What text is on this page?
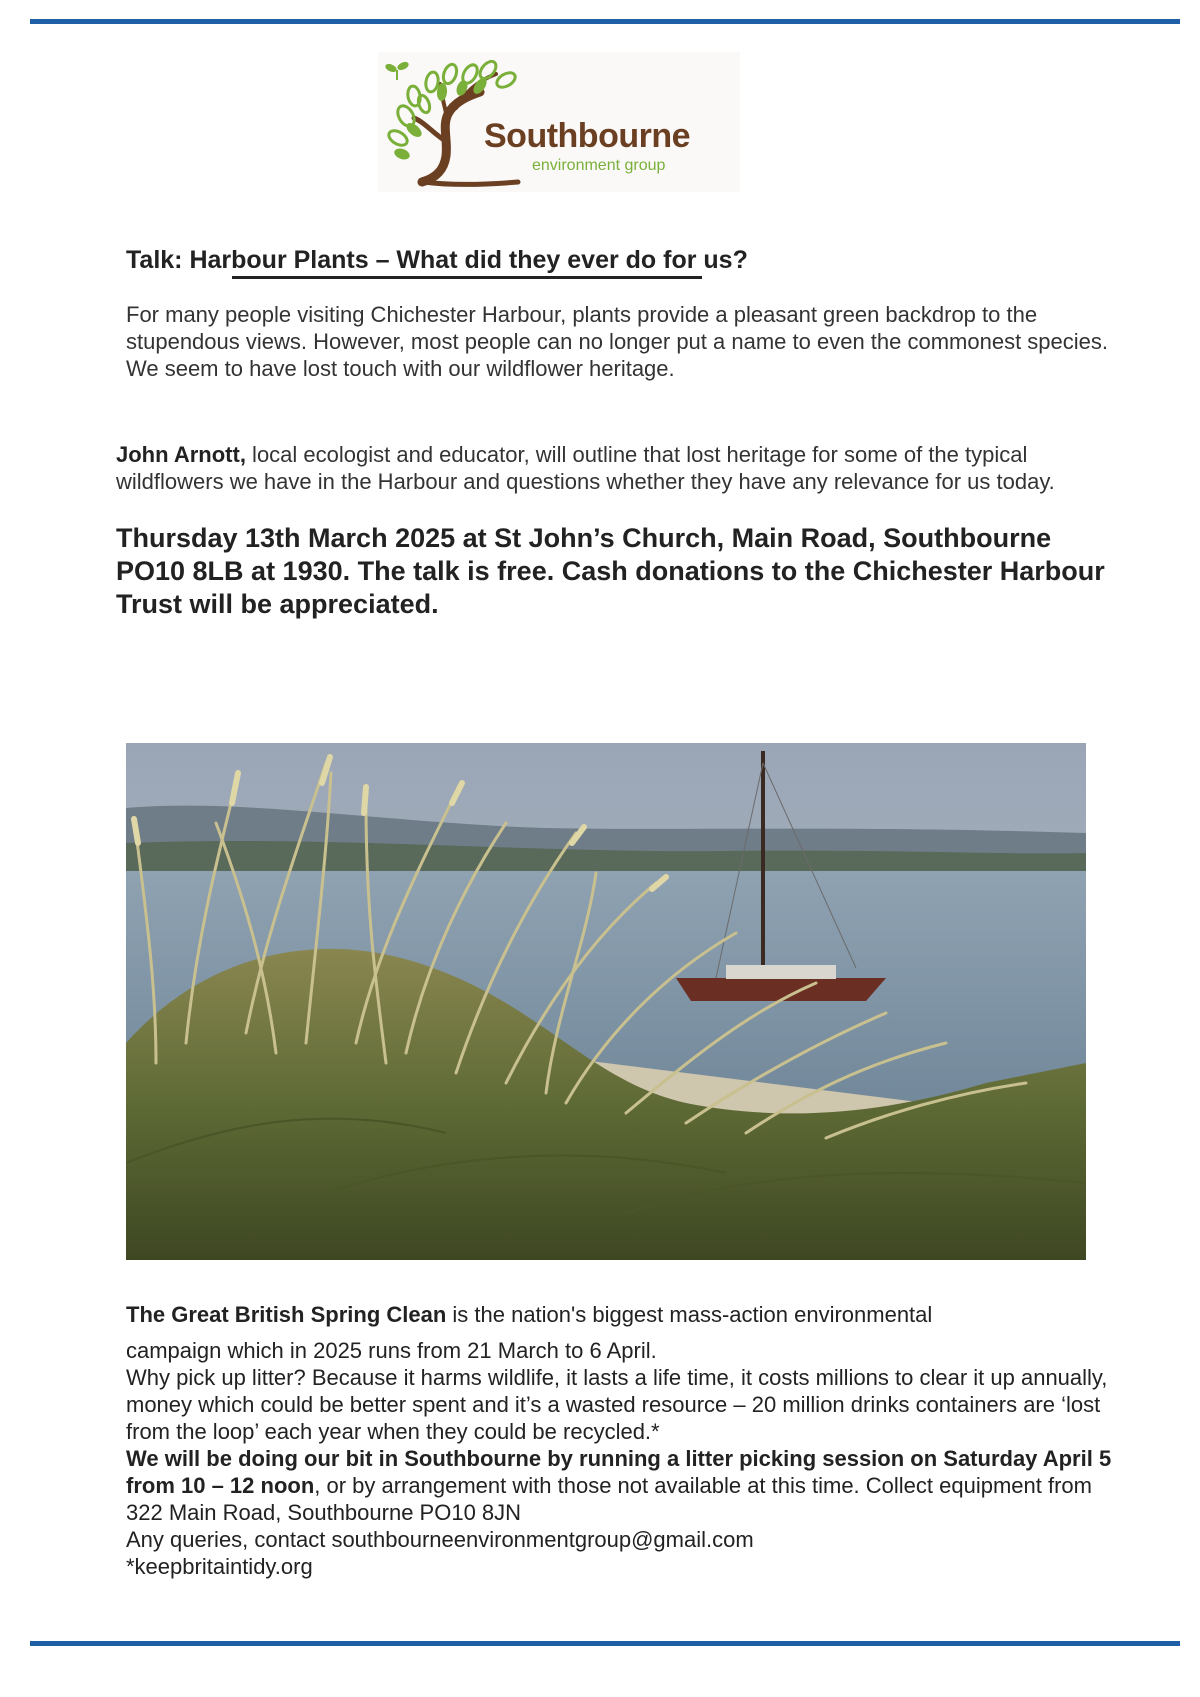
Southbourne
environment group
Talk: Harbour Plants – What did they ever do for us?
For many people visiting Chichester Harbour, plants provide a pleasant green backdrop to the stupendous views. However, most people can no longer put a name to even the commonest species. We seem to have lost touch with our wildflower heritage.
John Arnott, local ecologist and educator, will outline that lost heritage for some of the typical wildflowers we have in the Harbour and questions whether they have any relevance for us today.
Thursday 13th March 2025 at St John’s Church, Main Road, Southbourne PO10 8LB at 1930. The talk is free. Cash donations to the Chichester Harbour Trust will be appreciated.

The Great British Spring Clean is the nation's biggest mass-action environmental

campaign which in 2025 runs from 21 March to 6 April.

Why pick up litter? Because it harms wildlife, it lasts a life time, it costs millions to clear it up annually, money which could be better spent and it’s a wasted resource – 20 million drinks containers are ‘lost from the loop’ each year when they could be recycled.*

We will be doing our bit in Southbourne by running a litter picking session on Saturday April 5 from 10 – 12 noon, or by arrangement with those not available at this time. Collect equipment from 322 Main Road, Southbourne PO10 8JN

Any queries, contact southbourneenvironmentgroup@gmail.com

*keepbritaintidy.org
